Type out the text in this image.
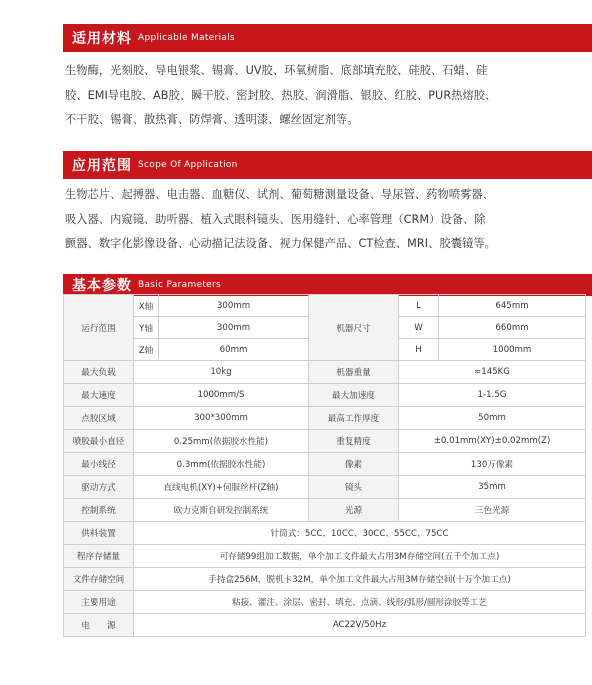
适用材料 Applicable Materials
生物酶，光刻胶、导电银浆、锡膏、UV胶、环氧树脂、底部填充胶、硅胶、石蜡、硅
胶、EMI导电胶、AB胶、瞬干胶、密封胶、热胶、润滑脂、银胶、红胶、PUR热熔胶、
不干胶、锡膏、散热膏、防焊膏、透明漆、螺丝固定剂等。
应用范围 Scope Of Application
生物芯片、起搏器、电击器、血糖仪、试剂、葡萄糖测量设备、导尿管、药物喷雾器、
吸入器、内窥镜、助听器、植入式眼科镜头、医用缝针、心率管理（CRM）设备、除
颤器、数字化影像设备、心动描记法设备、视力保健产品、CT检查、MRI、胶囊镜等。
基本参数 Basic Parameters
运行范围	X轴	300mm	机器尺寸	L	645mm
	Y轴	300mm		W	660mm
	Z轴	60mm		H	1000mm
最大负载	10kg		机器重量	≈145KG	
最大速度	1000mm/S		最大加速度	1-1.5G	
点胶区域	300*300mm		最高工作厚度	50mm	
喷胶最小直径	0.25mm(依据胶水性能)		重复精度	±0.01mm(XY)±0.02mm(Z)	
最小线径	0.3mm(依据胶水性能)		像素	130万像素	
驱动方式	直线电机(XY)+伺服丝杆(Z轴)		镜头	35mm	
控制系统	欧力克斯自研发控制系统		光源	三色光源	
供料装置	针筒式：5CC、10CC、30CC、55CC、75CC				
程序存储量	可存储99组加工数据，单个加工文件最大占用3M存储空间(五千个加工点)				
文件存储空间	手持盒256M，脱机卡32M，单个加工文件最大占用3M存储空间(十万个加工点)				
主要用途	粘接、灌注、涂层、密封、填充、点滴、线形/弧形/圆形涂胶等工艺				
电　　源	AC22V/50Hz				
